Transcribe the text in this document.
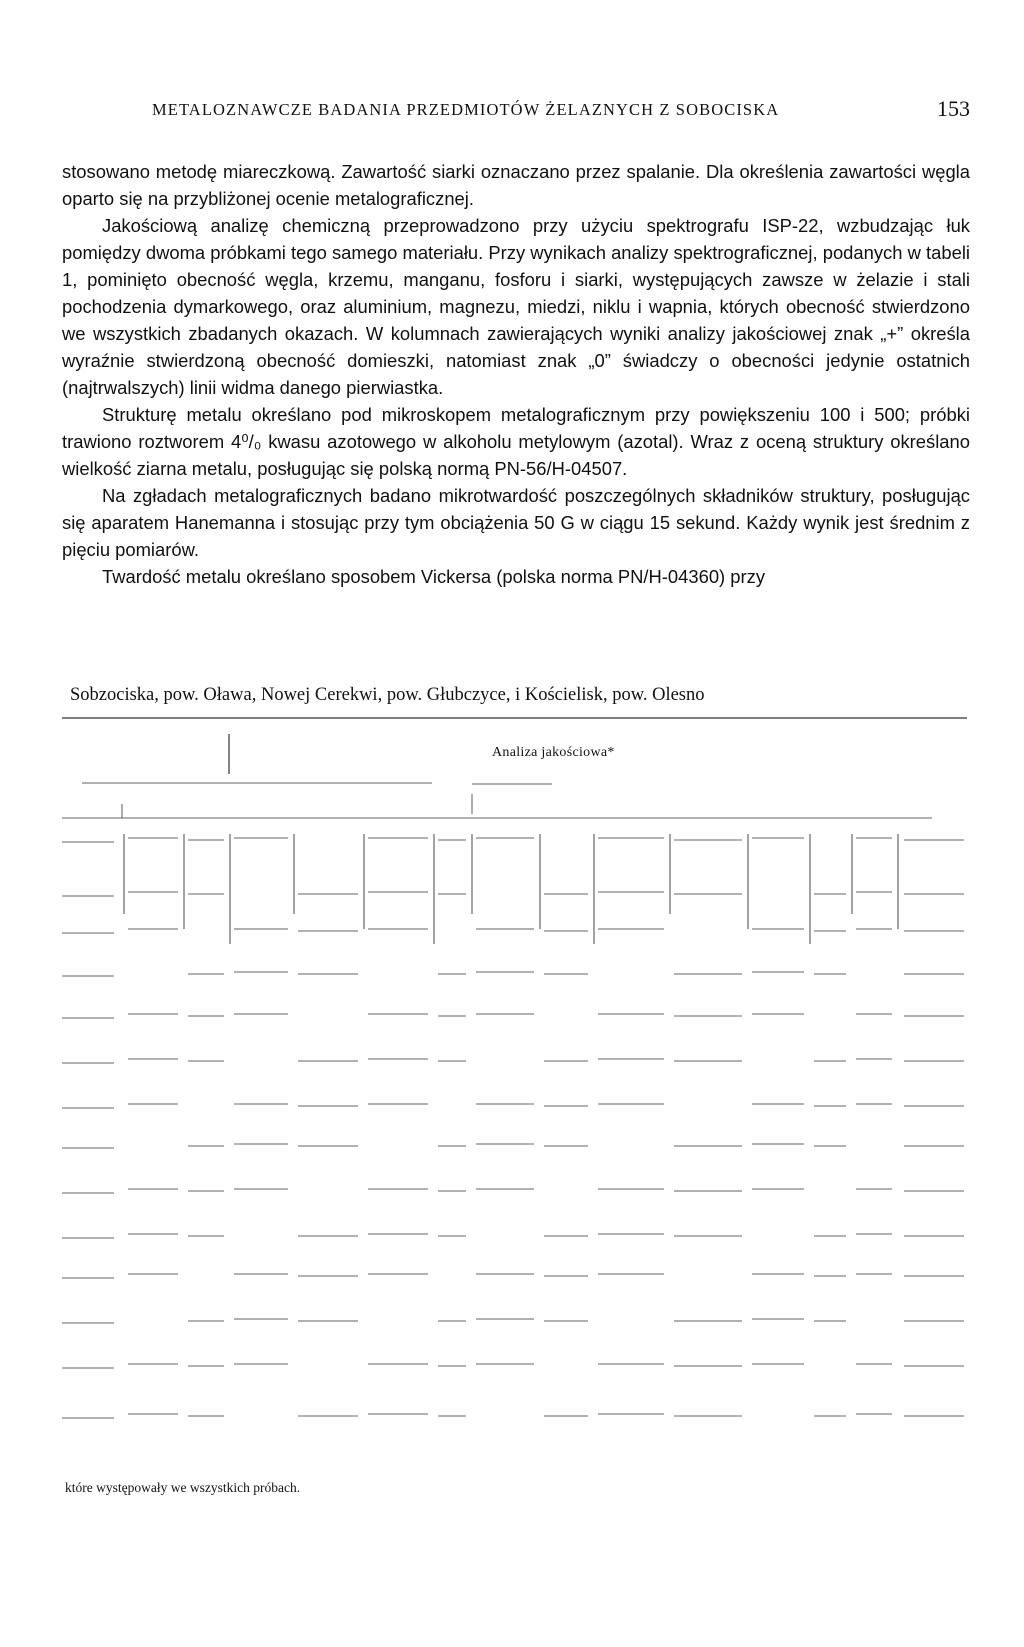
METALOZNAWCZE BADANIA PRZEDMIOTÓW ŻELAZNYCH Z SOBOCISKA	153

stosowano metodę miareczkową. Zawartość siarki oznaczano przez spalanie. Dla określenia zawartości węgla oparto się na przybliżonej ocenie metalograficznej.

Jakościową analizę chemiczną przeprowadzono przy użyciu spektrografu ISP-22, wzbudzając łuk pomiędzy dwoma próbkami tego samego materiału. Przy wynikach analizy spektrograficznej, podanych w tabeli 1, pominięto obecność węgla, krzemu, manganu, fosforu i siarki, występujących zawsze w żelazie i stali pochodzenia dymarkowego, oraz aluminium, magnezu, miedzi, niklu i wapnia, których obecność stwierdzono we wszystkich zbadanych okazach. W kolumnach zawierających wyniki analizy jakościowej znak „+” określa wyraźnie stwierdzoną obecność domieszki, natomiast znak „0” świadczy o obecności jedynie ostatnich (najtrwalszych) linii widma danego pierwiastka.

Strukturę metalu określano pod mikroskopem metalograficznym przy powiększeniu 100 i 500; próbki trawiono roztworem 4⁰/₀ kwasu azotowego w alkoholu metylowym (azotal). Wraz z oceną struktury określano wielkość ziarna metalu, posługując się polską normą PN-56/H-04507.

Na zgładach metalograficznych badano mikrotwardość poszczególnych składników struktury, posługując się aparatem Hanemanna i stosując przy tym obciążenia 50 G w ciągu 15 sekund. Każdy wynik jest średnim z pięciu pomiarów.

Twardość metalu określano sposobem Vickersa (polska norma PN/H-04360) przy

Sobzociska, pow. Oława, Nowej Cerekwi, pow. Głubczyce, i Kościelisk, pow. Olesno
Analiza jakościowa*
które występowały we wszystkich próbach.
